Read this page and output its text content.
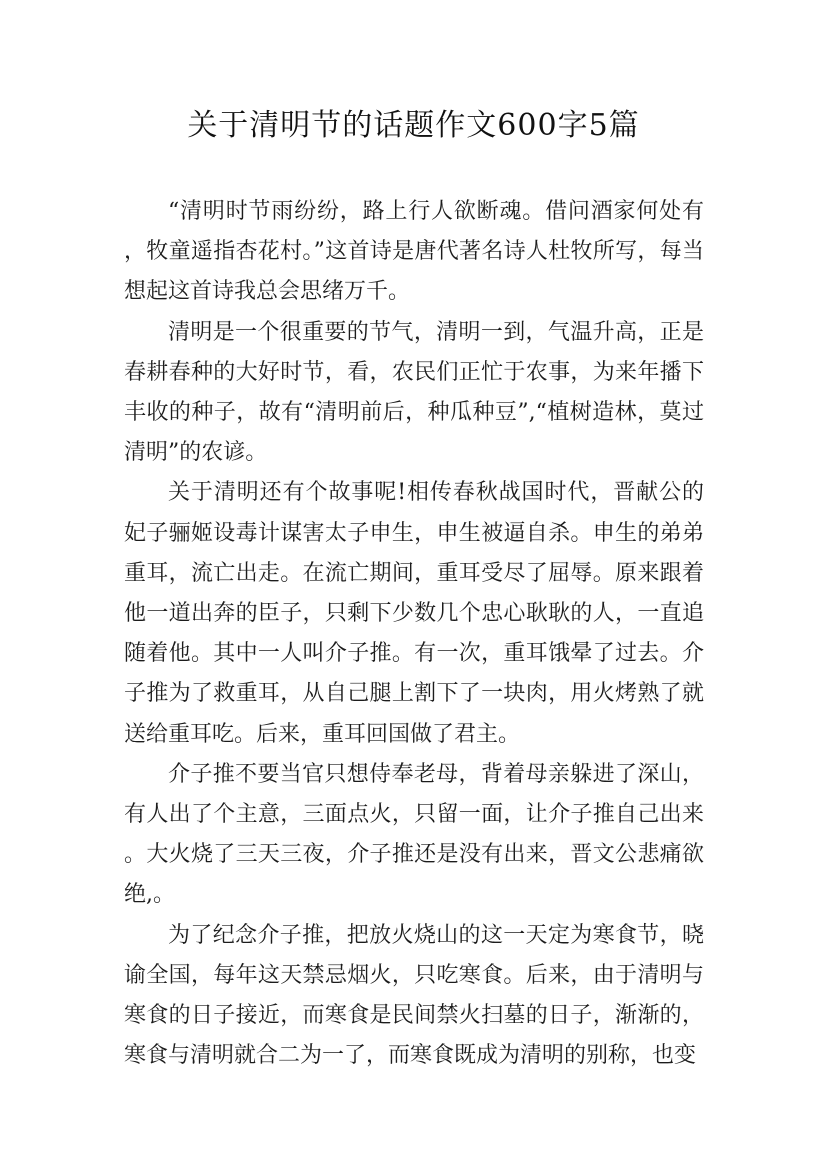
关于清明节的话题作文600字5篇

“清明时节雨纷纷，路上行人欲断魂。借问酒家何处有，牧童遥指杏花村。”这首诗是唐代著名诗人杜牧所写，每当想起这首诗我总会思绪万千。

清明是一个很重要的节气，清明一到，气温升高，正是春耕春种的大好时节，看，农民们正忙于农事，为来年播下丰收的种子，故有“清明前后，种瓜种豆”,“植树造林，莫过清明”的农谚。

关于清明还有个故事呢!相传春秋战国时代，晋献公的妃子骊姬设毒计谋害太子申生，申生被逼自杀。申生的弟弟重耳，流亡出走。在流亡期间，重耳受尽了屈辱。原来跟着他一道出奔的臣子，只剩下少数几个忠心耿耿的人，一直追随着他。其中一人叫介子推。有一次，重耳饿晕了过去。介子推为了救重耳，从自己腿上割下了一块肉，用火烤熟了就送给重耳吃。后来，重耳回国做了君主。

介子推不要当官只想侍奉老母，背着母亲躲进了深山，有人出了个主意，三面点火，只留一面，让介子推自己出来。大火烧了三天三夜，介子推还是没有出来，晋文公悲痛欲绝,。

为了纪念介子推，把放火烧山的这一天定为寒食节，晓谕全国，每年这天禁忌烟火，只吃寒食。后来，由于清明与寒食的日子接近，而寒食是民间禁火扫墓的日子，渐渐的，寒食与清明就合二为一了，而寒食既成为清明的别称，也变
